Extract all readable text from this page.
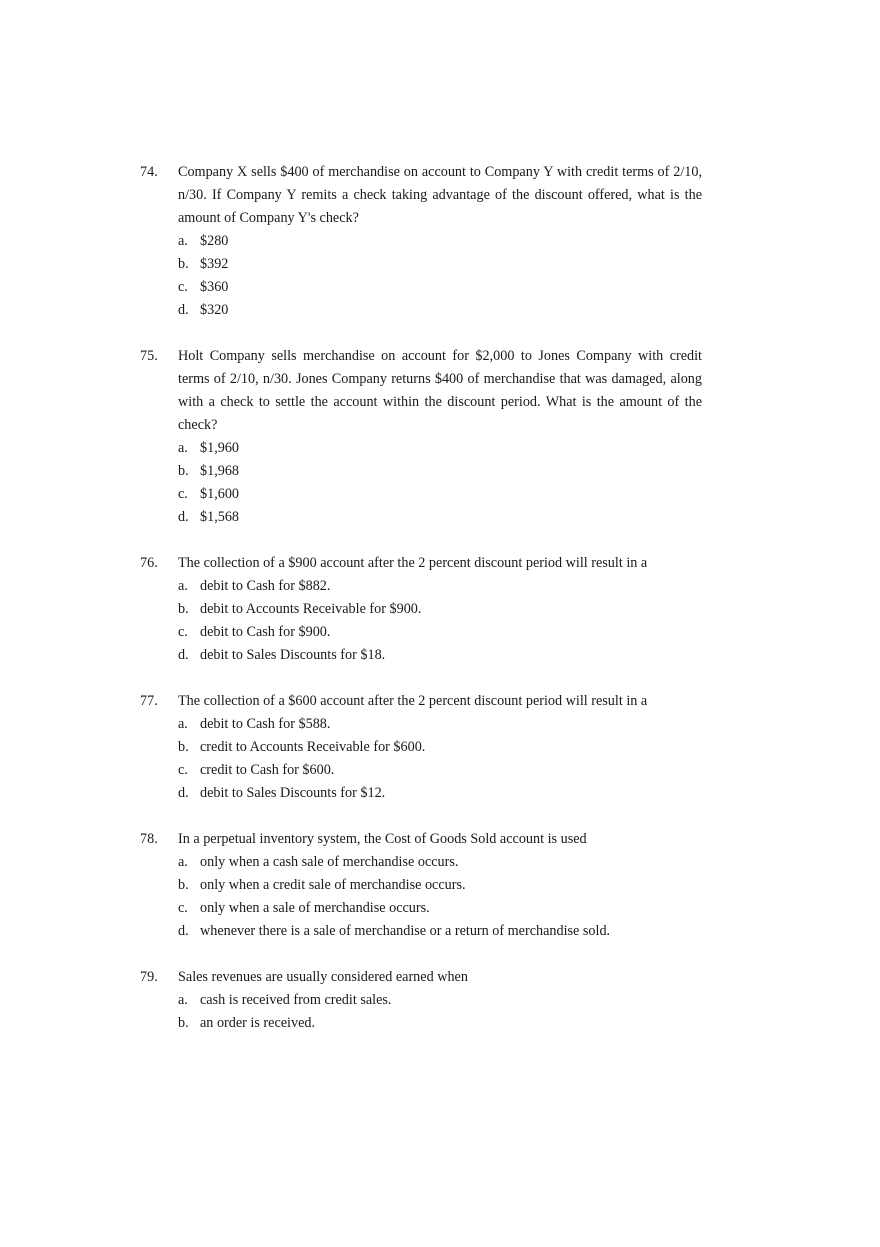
74.	Company X sells $400 of merchandise on account to Company Y with credit terms of 2/10, n/30. If Company Y remits a check taking advantage of the discount offered, what is the amount of Company Y's check?
a. $280
b. $392
c. $360
d. $320
75.	Holt Company sells merchandise on account for $2,000 to Jones Company with credit terms of 2/10, n/30. Jones Company returns $400 of merchandise that was damaged, along with a check to settle the account within the discount period. What is the amount of the check?
a. $1,960
b. $1,968
c. $1,600
d. $1,568
76.	The collection of a $900 account after the 2 percent discount period will result in a
a. debit to Cash for $882.
b. debit to Accounts Receivable for $900.
c. debit to Cash for $900.
d. debit to Sales Discounts for $18.
77.	The collection of a $600 account after the 2 percent discount period will result in a
a. debit to Cash for $588.
b. credit to Accounts Receivable for $600.
c. credit to Cash for $600.
d. debit to Sales Discounts for $12.
78.	In a perpetual inventory system, the Cost of Goods Sold account is used
a. only when a cash sale of merchandise occurs.
b. only when a credit sale of merchandise occurs.
c. only when a sale of merchandise occurs.
d. whenever there is a sale of merchandise or a return of merchandise sold.
79.	Sales revenues are usually considered earned when
a. cash is received from credit sales.
b. an order is received.
